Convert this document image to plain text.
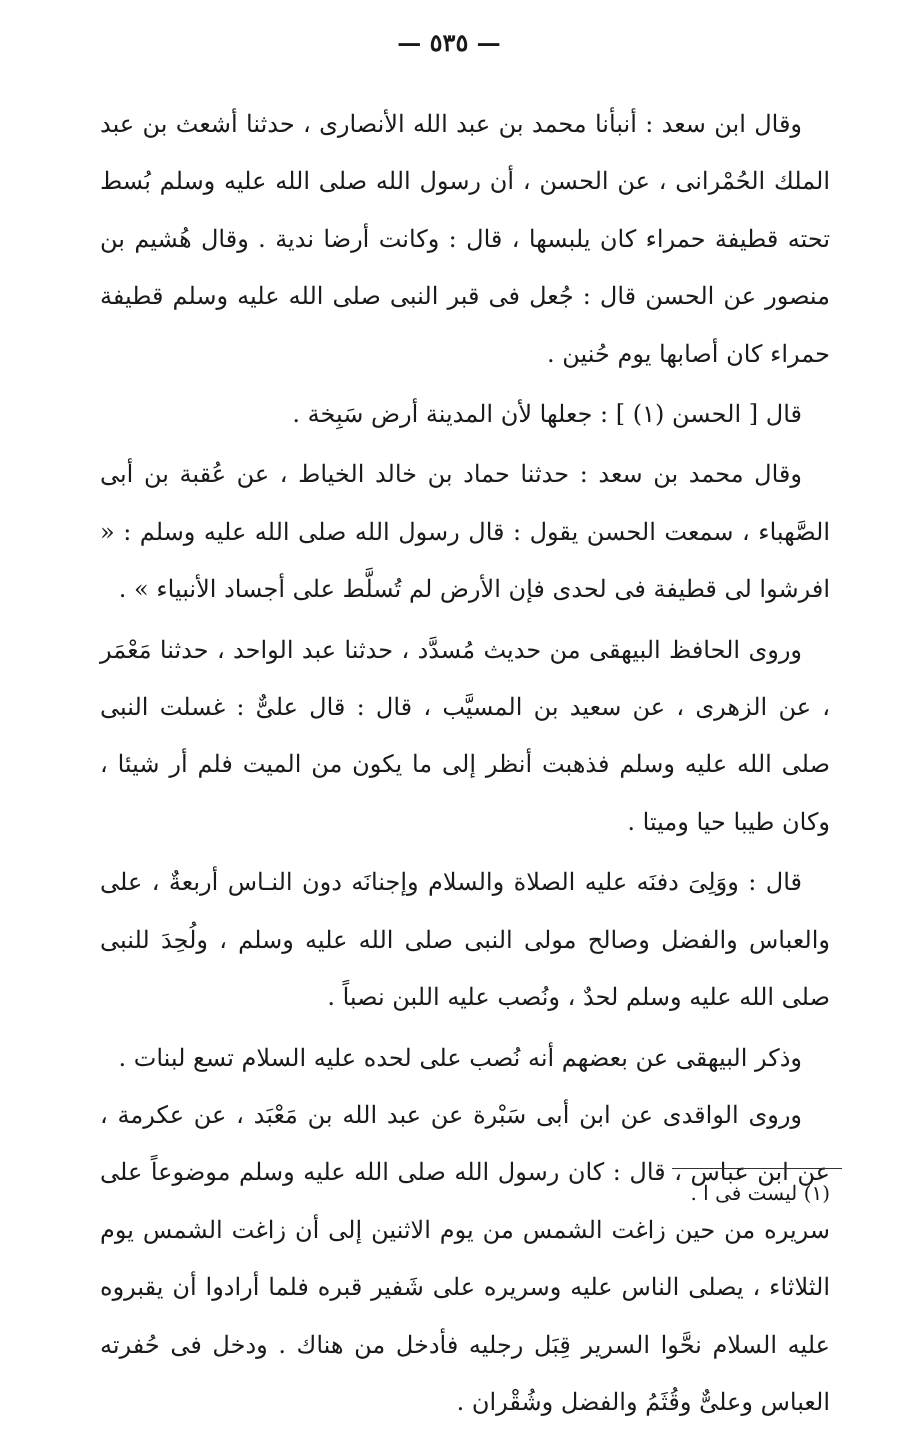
— ٥٣٥ —

وقال ابن سعد : أنبأنا محمد بن عبد الله الأنصارى ، حدثنا أشعث بن عبد الملك الحُمْرانى ، عن الحسن ، أن رسول الله صلى الله عليه وسلم بُسط تحته قطيفة حمراء كان يلبسها ، قال : وكانت أرضا ندية . وقال هُشيم بن منصور عن الحسن قال : جُعل فى قبر النبى صلى الله عليه وسلم قطيفة حمراء كان أصابها يوم حُنين .

قال [ الحسن (١) ] : جعلها لأن المدينة أرض سَبِخة .

وقال محمد بن سعد : حدثنا حماد بن خالد الخياط ، عن عُقبة بن أبى الصَّهباء ، سمعت الحسن يقول : قال رسول الله صلى الله عليه وسلم : « افرشوا لى قطيفة فى لحدى فإن الأرض لم تُسلَّط على أجساد الأنبياء » .

وروى الحافظ البيهقى من حديث مُسدَّد ، حدثنا عبد الواحد ، حدثنا مَعْمَر ، عن الزهرى ، عن سعيد بن المسيَّب ، قال : قال علىٌّ : غسلت النبى صلى الله عليه وسلم فذهبت أنظر إلى ما يكون من الميت فلم أر شيئا ، وكان طيبا حيا وميتا .

قال : ووَلِىَ دفنَه عليه الصلاة والسلام وإجنانَه دون النـاس أربعةٌ ، على والعباس والفضل وصالح مولى النبى صلى الله عليه وسلم ، ولُحِدَ للنبى صلى الله عليه وسلم لحدٌ ، ونُصب عليه اللبن نصباً .

وذكر البيهقى عن بعضهم أنه نُصب على لحده عليه السلام تسع لبنات .

وروى الواقدى عن ابن أبى سَبْرة عن عبد الله بن مَعْبَد ، عن عكرمة ، عن ابن عباس ، قال : كان رسول الله صلى الله عليه وسلم موضوعاً على سريره من حين زاغت الشمس من يوم الاثنين إلى أن زاغت الشمس يوم الثلاثاء ، يصلى الناس عليه وسريره على شَفير قبره فلما أرادوا أن يقبروه عليه السلام نحَّوا السرير قِبَل رجليه فأدخل من هناك . ودخل فى حُفرته العباس وعلىٌّ وقُثَمُ والفضل وشُقْران .

(١) ليست فى ا .
